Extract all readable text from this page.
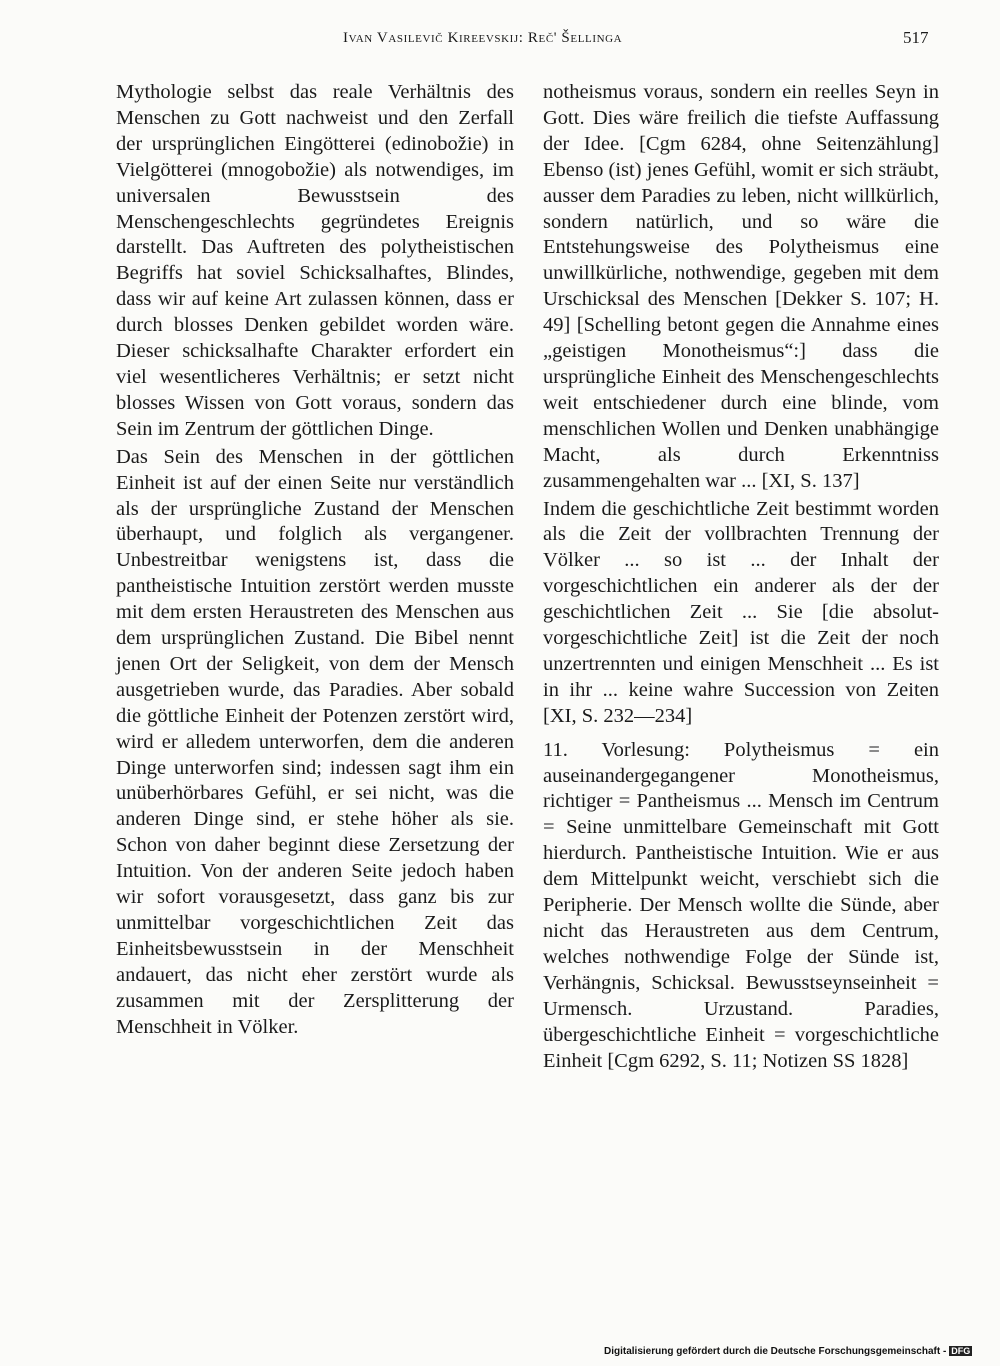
Ivan Vasilevič Kireevskij: Reč' Šellinga	517

Mythologie selbst das reale Verhältnis des Menschen zu Gott nachweist und den Zerfall der ursprünglichen Eingötterei (edinobožie) in Vielgötterei (mnogobožie) als notwendiges, im universalen Bewusstsein des Menschengeschlechts gegründetes Ereignis darstellt. Das Auftreten des polytheistischen Begriffs hat soviel Schicksalhaftes, Blindes, dass wir auf keine Art zulassen können, dass er durch blosses Denken gebildet worden wäre. Dieser schicksalhafte Charakter erfordert ein viel wesentlicheres Verhältnis; er setzt nicht blosses Wissen von Gott voraus, sondern das Sein im Zentrum der göttlichen Dinge.

Das Sein des Menschen in der göttlichen Einheit ist auf der einen Seite nur verständlich als der ursprüngliche Zustand der Menschen überhaupt, und folglich als vergangener. Unbestreitbar wenigstens ist, dass die pantheistische Intuition zerstört werden musste mit dem ersten Heraustreten des Menschen aus dem ursprünglichen Zustand. Die Bibel nennt jenen Ort der Seligkeit, von dem der Mensch ausgetrieben wurde, das Paradies. Aber sobald die göttliche Einheit der Potenzen zerstört wird, wird er alledem unterworfen, dem die anderen Dinge unterworfen sind; indessen sagt ihm ein unüberhörbares Gefühl, er sei nicht, was die anderen Dinge sind, er stehe höher als sie. Schon von daher beginnt diese Zersetzung der Intuition. Von der anderen Seite jedoch haben wir sofort vorausgesetzt, dass ganz bis zur unmittelbar vorgeschichtlichen Zeit das Einheitsbewusstsein in der Menschheit andauert, das nicht eher zerstört wurde als zusammen mit der Zersplitterung der Menschheit in Völker.

notheismus voraus, sondern ein reelles Seyn in Gott. Dies wäre freilich die tiefste Auffassung der Idee. [Cgm 6284, ohne Seitenzählung] Ebenso (ist) jenes Gefühl, womit er sich sträubt, ausser dem Paradies zu leben, nicht willkürlich, sondern natürlich, und so wäre die Entstehungsweise des Polytheismus eine unwillkürliche, nothwendige, gegeben mit dem Urschicksal des Menschen [Dekker S. 107; H. 49] [Schelling betont gegen die Annahme eines „geistigen Monotheismus“:] dass die ursprüngliche Einheit des Menschengeschlechts weit entschiedener durch eine blinde, vom menschlichen Wollen und Denken unabhängige Macht, als durch Erkenntniss zusammengehalten war ... [XI, S. 137]

Indem die geschichtliche Zeit bestimmt worden als die Zeit der vollbrachten Trennung der Völker ... so ist ... der Inhalt der vorgeschichtlichen ein anderer als der der geschichtlichen Zeit ... Sie [die absolut-vorgeschichtliche Zeit] ist die Zeit der noch unzertrennten und einigen Menschheit ... Es ist in ihr ... keine wahre Succession von Zeiten [XI, S. 232—234]

11. Vorlesung: Polytheismus = ein auseinandergegangener Monotheismus, richtiger = Pantheismus ... Mensch im Centrum = Seine unmittelbare Gemeinschaft mit Gott hierdurch. Pantheistische Intuition. Wie er aus dem Mittelpunkt weicht, verschiebt sich die Peripherie. Der Mensch wollte die Sünde, aber nicht das Heraustreten aus dem Centrum, welches nothwendige Folge der Sünde ist, Verhängnis, Schicksal. Bewusstseynseinheit = Urmensch. Urzustand. Paradies, übergeschichtliche Einheit = vorgeschichtliche Einheit [Cgm 6292, S. 11; Notizen SS 1828]

Digitalisierung gefördert durch die Deutsche Forschungsgemeinschaft - DFG
